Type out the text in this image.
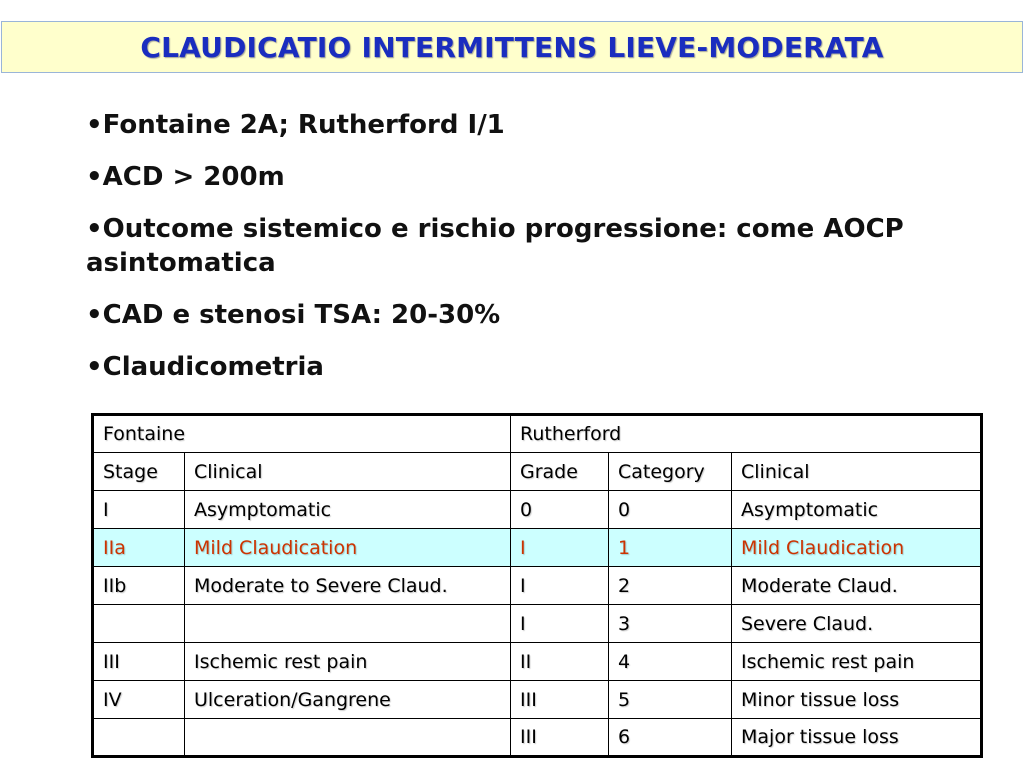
CLAUDICATIO INTERMITTENS LIEVE-MODERATA
• Fontaine 2A; Rutherford I/1
• ACD > 200m
• Outcome sistemico e rischio progressione: come AOCP asintomatica
• CAD e stenosi TSA: 20-30%
• Claudicometria
Fontaine		Rutherford		
Stage	Clinical	Grade	Category	Clinical
I	Asymptomatic	0	0	Asymptomatic
IIa	Mild Claudication	I	1	Mild Claudication
IIb	Moderate to Severe Claud.	I	2	Moderate Claud.
		I	3	Severe Claud.
III	Ischemic rest pain	II	4	Ischemic rest pain
IV	Ulceration/Gangrene	III	5	Minor tissue loss
		III	6	Major tissue loss
